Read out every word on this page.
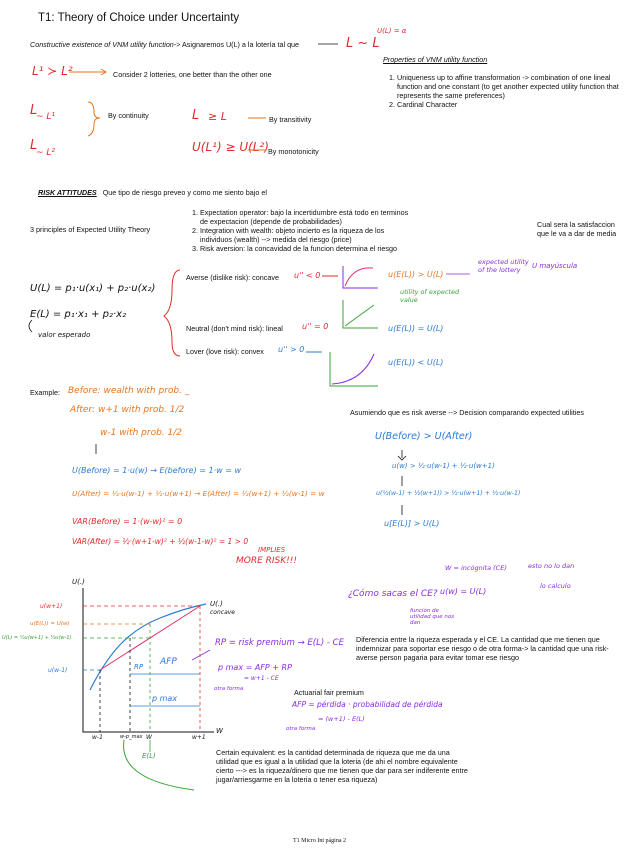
T1: Theory of Choice under Uncertainty
Constructive existence of VNM utility function-> Asignaremos U(L) a la lotería tal que	L ~ L
U(L) = α
L¹ ≻ L²	Consider 2 lotteries, one better than the other one
L
~ L¹
L
~ L²
By continuity	L ≥ L	By transitivity
U(L¹) ≥ U(L²) By monotonicity
Properties of VNM utility function
1. Uniqueness up to affine transformation -> combination of one lineal function and one constant (to get another expected utility function that represents the same preferences)
2. Cardinal Character
RISK ATTITUDES Que tipo de riesgo preveo y como me siento bajo el
3 principles of Expected Utility Theory
1. Expectation operator: bajo la incertidumbre está todo en terminos de expectacion (depende de probabilidades)
2. Integration with wealth: objeto incierto es la riqueza de los individuos (wealth) --> medida del riesgo (price)
3. Risk aversion: la concavidad de la funcion determina el riesgo
Cual sera la satisfaccion que le va a dar de media
U(L) = p₁·u(x₁) + p₂·u(x₂)
E(L) = p₁·x₁ + p₂·x₂
valor esperado
Averse (dislike risk): concave u'' < 0	u(E(L)) > U(L)
utility of expected value
expected utility of the lottery	U mayúscula
Neutral (don't mind risk): lineal u'' = 0	u(E(L)) = U(L)
Lover (love risk): convex u'' > 0
u(E(L)) < U(L)
Example: Before: wealth with prob. _
After: w+1 with prob. 1/2
w-1 with prob. 1/2
U(Before) = 1·u(w) → E(before) = 1·w = w
U(After) = ½·u(w-1) + ½·u(w+1) → E(After) = ½(w+1) + ½(w-1) = w
VAR(Before) = 1·(w-w)² = 0
VAR(After) = ½·(w+1-w)² + ½(w-1-w)² = 1 > 0
IMPLIES
MORE RISK!!!
Asumiendo que es risk averse --> Decision comparando expected utilities
U(Before) > U(After)
u(w) > ½·u(w-1) + ½·u(w+1)
u(½(w-1) + ½(w+1)) > ½·u(w+1) + ½·u(w-1)
u[E(L)] > U(L)
¿Cómo sacas el CE?
W = incógnita (CE)
u(w) = U(L)
esto no lo dan
lo calculo
función de utilidad que nos dan
Diferencia entre la riqueza esperada y el CE. La cantidad que me tienen que indemnizar para soportar ese riesgo o de otra forma-> la cantidad que una risk-averse person pagaria para evitar tomar ese riesgo
RP = risk premium → E(L) - CE
p max = AFP + RP
= w+1 - CE
otra forma	Actuarial fair premium
AFP = pérdida · probabilidad de pérdida
= (w+1) - E(L)
otra forma
Certain equivalent: es la cantidad determinada de riqueza que me da una utilidad que es igual a la utilidad que la loteria (de ahi el nombre equivalente cierto ---> es la riqueza/dinero que me tienen que dar para ser indiferente entre jugar/arriesgarme en la loteria o tener esa riqueza)
T1 Micro Int página 2
U(.)
W
U(.)
concave
u(w+1)
u(E(L)) = U(w)
U(L) = ½u(w+1) + ½u(w-1)
u(w-1)
w-1	w+1
w-p_max W
E(L)
RP AFP
p max
